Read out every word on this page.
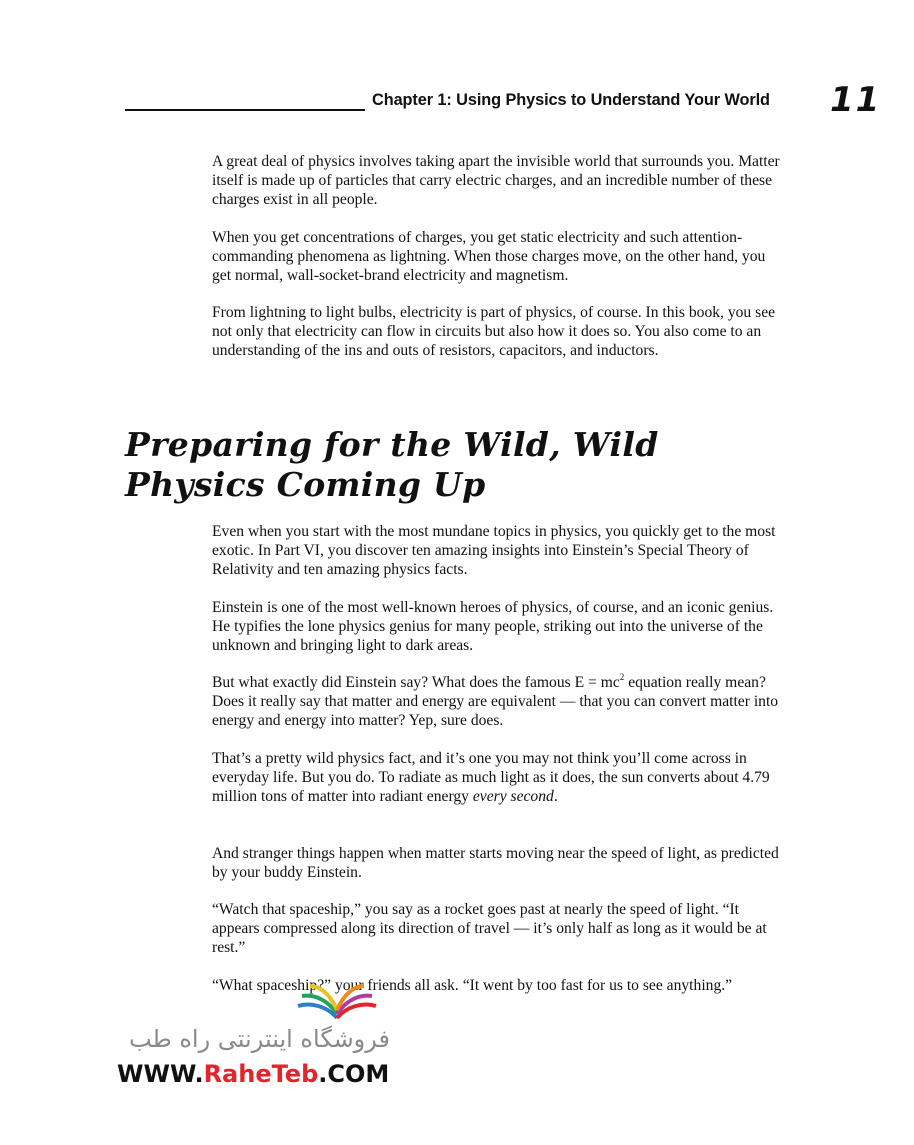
Chapter 1: Using Physics to Understand Your World 11

A great deal of physics involves taking apart the invisible world that surrounds you. Matter itself is made up of particles that carry electric charges, and an incredible number of these charges exist in all people.

When you get concentrations of charges, you get static electricity and such attention-commanding phenomena as lightning. When those charges move, on the other hand, you get normal, wall-socket-brand electricity and magnetism.

From lightning to light bulbs, electricity is part of physics, of course. In this book, you see not only that electricity can flow in circuits but also how it does so. You also come to an understanding of the ins and outs of resistors, capacitors, and inductors.

Preparing for the Wild, Wild Physics Coming Up

Even when you start with the most mundane topics in physics, you quickly get to the most exotic. In Part VI, you discover ten amazing insights into Einstein’s Special Theory of Relativity and ten amazing physics facts.

Einstein is one of the most well-known heroes of physics, of course, and an iconic genius. He typifies the lone physics genius for many people, striking out into the universe of the unknown and bringing light to dark areas.

But what exactly did Einstein say? What does the famous $E = mc^2$ equation really mean? Does it really say that matter and energy are equivalent — that you can convert matter into energy and energy into matter? Yep, sure does.

That’s a pretty wild physics fact, and it’s one you may not think you’ll come across in everyday life. But you do. To radiate as much light as it does, the sun converts about 4.79 million tons of matter into radiant energy every second.

And stranger things happen when matter starts moving near the speed of light, as predicted by your buddy Einstein.

“Watch that spaceship,” you say as a rocket goes past at nearly the speed of light. “It appears compressed along its direction of travel — it’s only half as long as it would be at rest.”

“What spaceship?” your friends all ask. “It went by too fast for us to see anything.”

فروشگاه اینترنتی راه طب
WWW.RaheTeb.COM
